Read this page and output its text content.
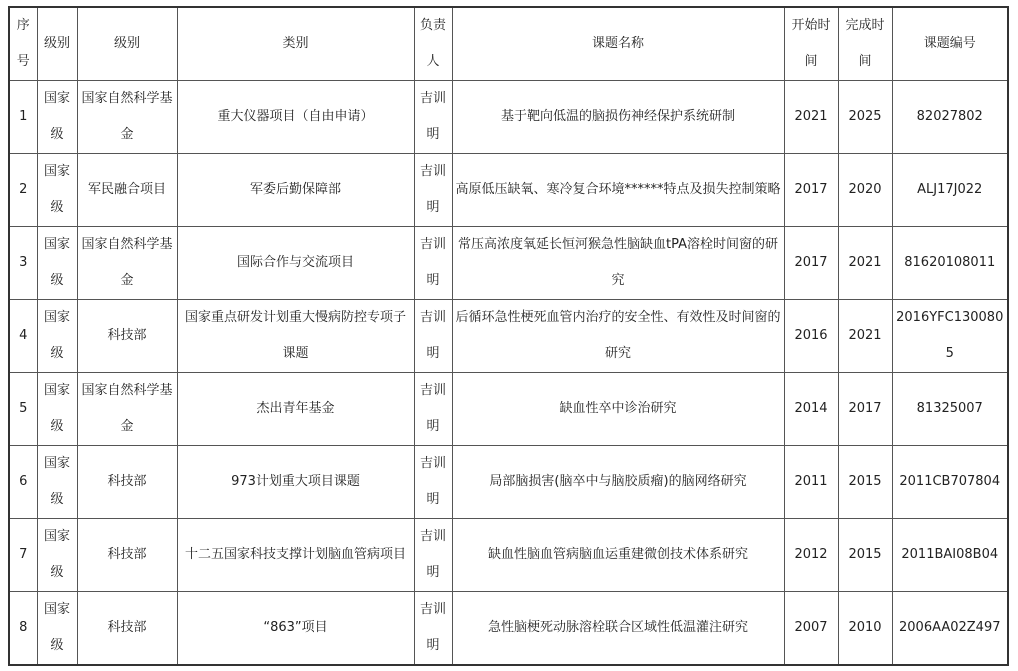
序号	级别	级别	类别	负责人	课题名称	开始时间	完成时间	课题编号
1	国家级	国家自然科学基金	重大仪器项目（自由申请）	吉训明	基于靶向低温的脑损伤神经保护系统研制	2021	2025	82027802
2	国家级	军民融合项目	军委后勤保障部	吉训明	高原低压缺氧、寒冷复合环境******特点及损失控制策略	2017	2020	ALJ17J022
3	国家级	国家自然科学基金	国际合作与交流项目	吉训明	常压高浓度氧延长恒河猴急性脑缺血tPA溶栓时间窗的研究	2017	2021	81620108011
4	国家级	科技部	国家重点研发计划重大慢病防控专项子课题	吉训明	后循环急性梗死血管内治疗的安全性、有效性及时间窗的研究	2016	2021	2016YFC1300805
5	国家级	国家自然科学基金	杰出青年基金	吉训明	缺血性卒中诊治研究	2014	2017	81325007
6	国家级	科技部	973计划重大项目课题	吉训明	局部脑损害(脑卒中与脑胶质瘤)的脑网络研究	2011	2015	2011CB707804
7	国家级	科技部	十二五国家科技支撑计划脑血管病项目	吉训明	缺血性脑血管病脑血运重建微创技术体系研究	2012	2015	2011BAI08B04
8	国家级	科技部	“863”项目	吉训明	急性脑梗死动脉溶栓联合区域性低温灌注研究	2007	2010	2006AA02Z497
